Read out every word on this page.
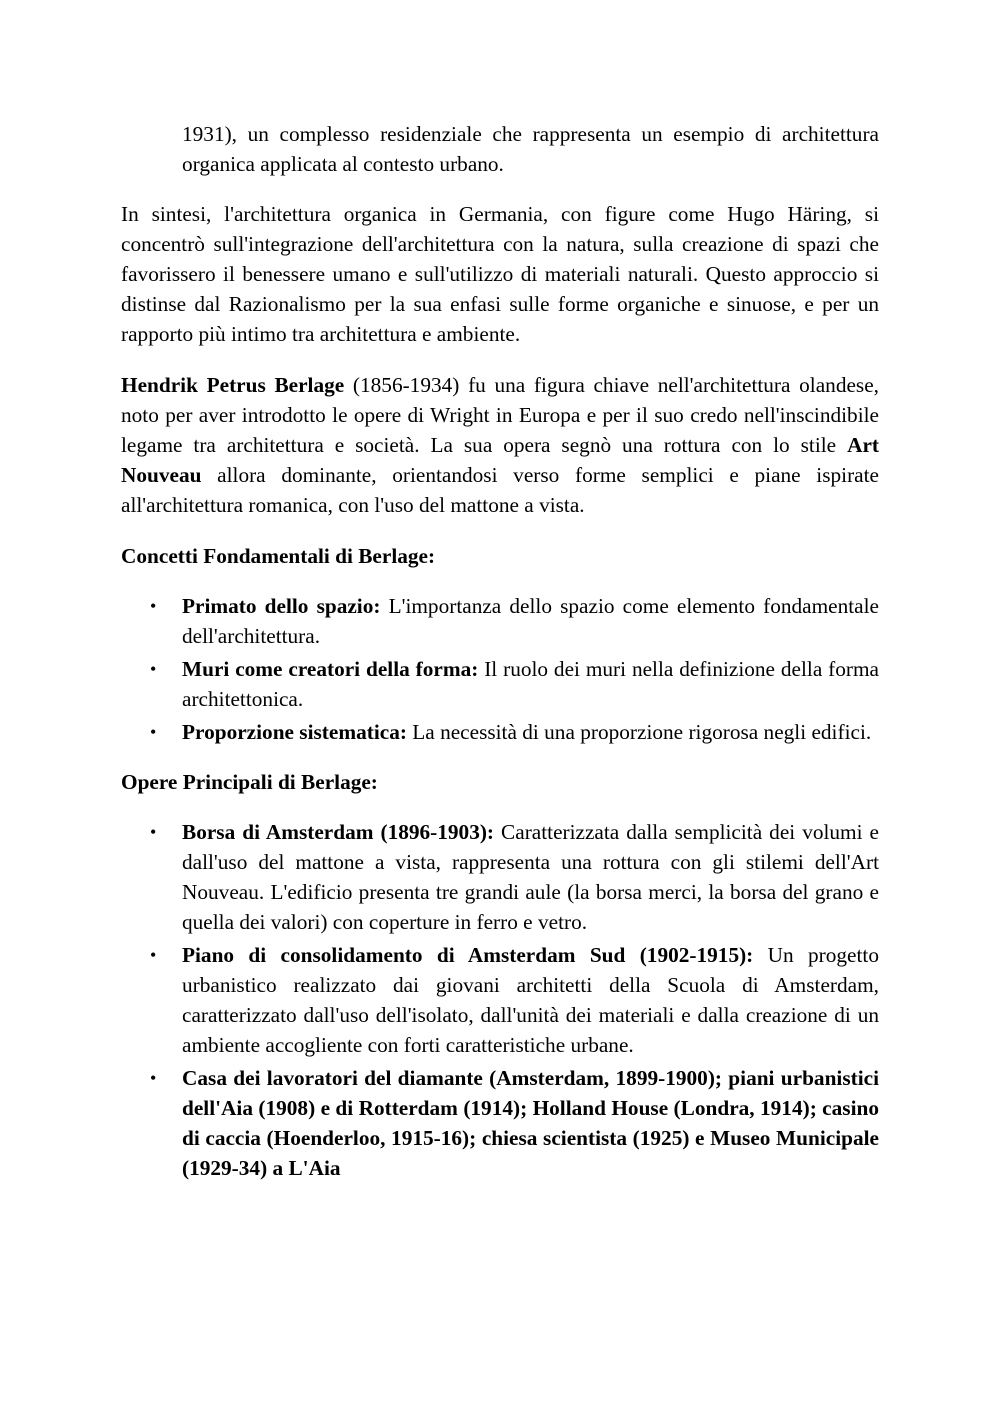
1931), un complesso residenziale che rappresenta un esempio di architettura organica applicata al contesto urbano.

In sintesi, l'architettura organica in Germania, con figure come Hugo Häring, si concentrò sull'integrazione dell'architettura con la natura, sulla creazione di spazi che favorissero il benessere umano e sull'utilizzo di materiali naturali. Questo approccio si distinse dal Razionalismo per la sua enfasi sulle forme organiche e sinuose, e per un rapporto più intimo tra architettura e ambiente.

Hendrik Petrus Berlage (1856-1934) fu una figura chiave nell'architettura olandese, noto per aver introdotto le opere di Wright in Europa e per il suo credo nell'inscindibile legame tra architettura e società. La sua opera segnò una rottura con lo stile Art Nouveau allora dominante, orientandosi verso forme semplici e piane ispirate all'architettura romanica, con l'uso del mattone a vista.

Concetti Fondamentali di Berlage:

• Primato dello spazio: L'importanza dello spazio come elemento fondamentale dell'architettura.
• Muri come creatori della forma: Il ruolo dei muri nella definizione della forma architettonica.
• Proporzione sistematica: La necessità di una proporzione rigorosa negli edifici.

Opere Principali di Berlage:

• Borsa di Amsterdam (1896-1903): Caratterizzata dalla semplicità dei volumi e dall'uso del mattone a vista, rappresenta una rottura con gli stilemi dell'Art Nouveau. L'edificio presenta tre grandi aule (la borsa merci, la borsa del grano e quella dei valori) con coperture in ferro e vetro.
• Piano di consolidamento di Amsterdam Sud (1902-1915): Un progetto urbanistico realizzato dai giovani architetti della Scuola di Amsterdam, caratterizzato dall'uso dell'isolato, dall'unità dei materiali e dalla creazione di un ambiente accogliente con forti caratteristiche urbane.
• Casa dei lavoratori del diamante (Amsterdam, 1899-1900); piani urbanistici dell'Aia (1908) e di Rotterdam (1914); Holland House (Londra, 1914); casino di caccia (Hoenderloo, 1915-16); chiesa scientista (1925) e Museo Municipale (1929-34) a L'Aia
